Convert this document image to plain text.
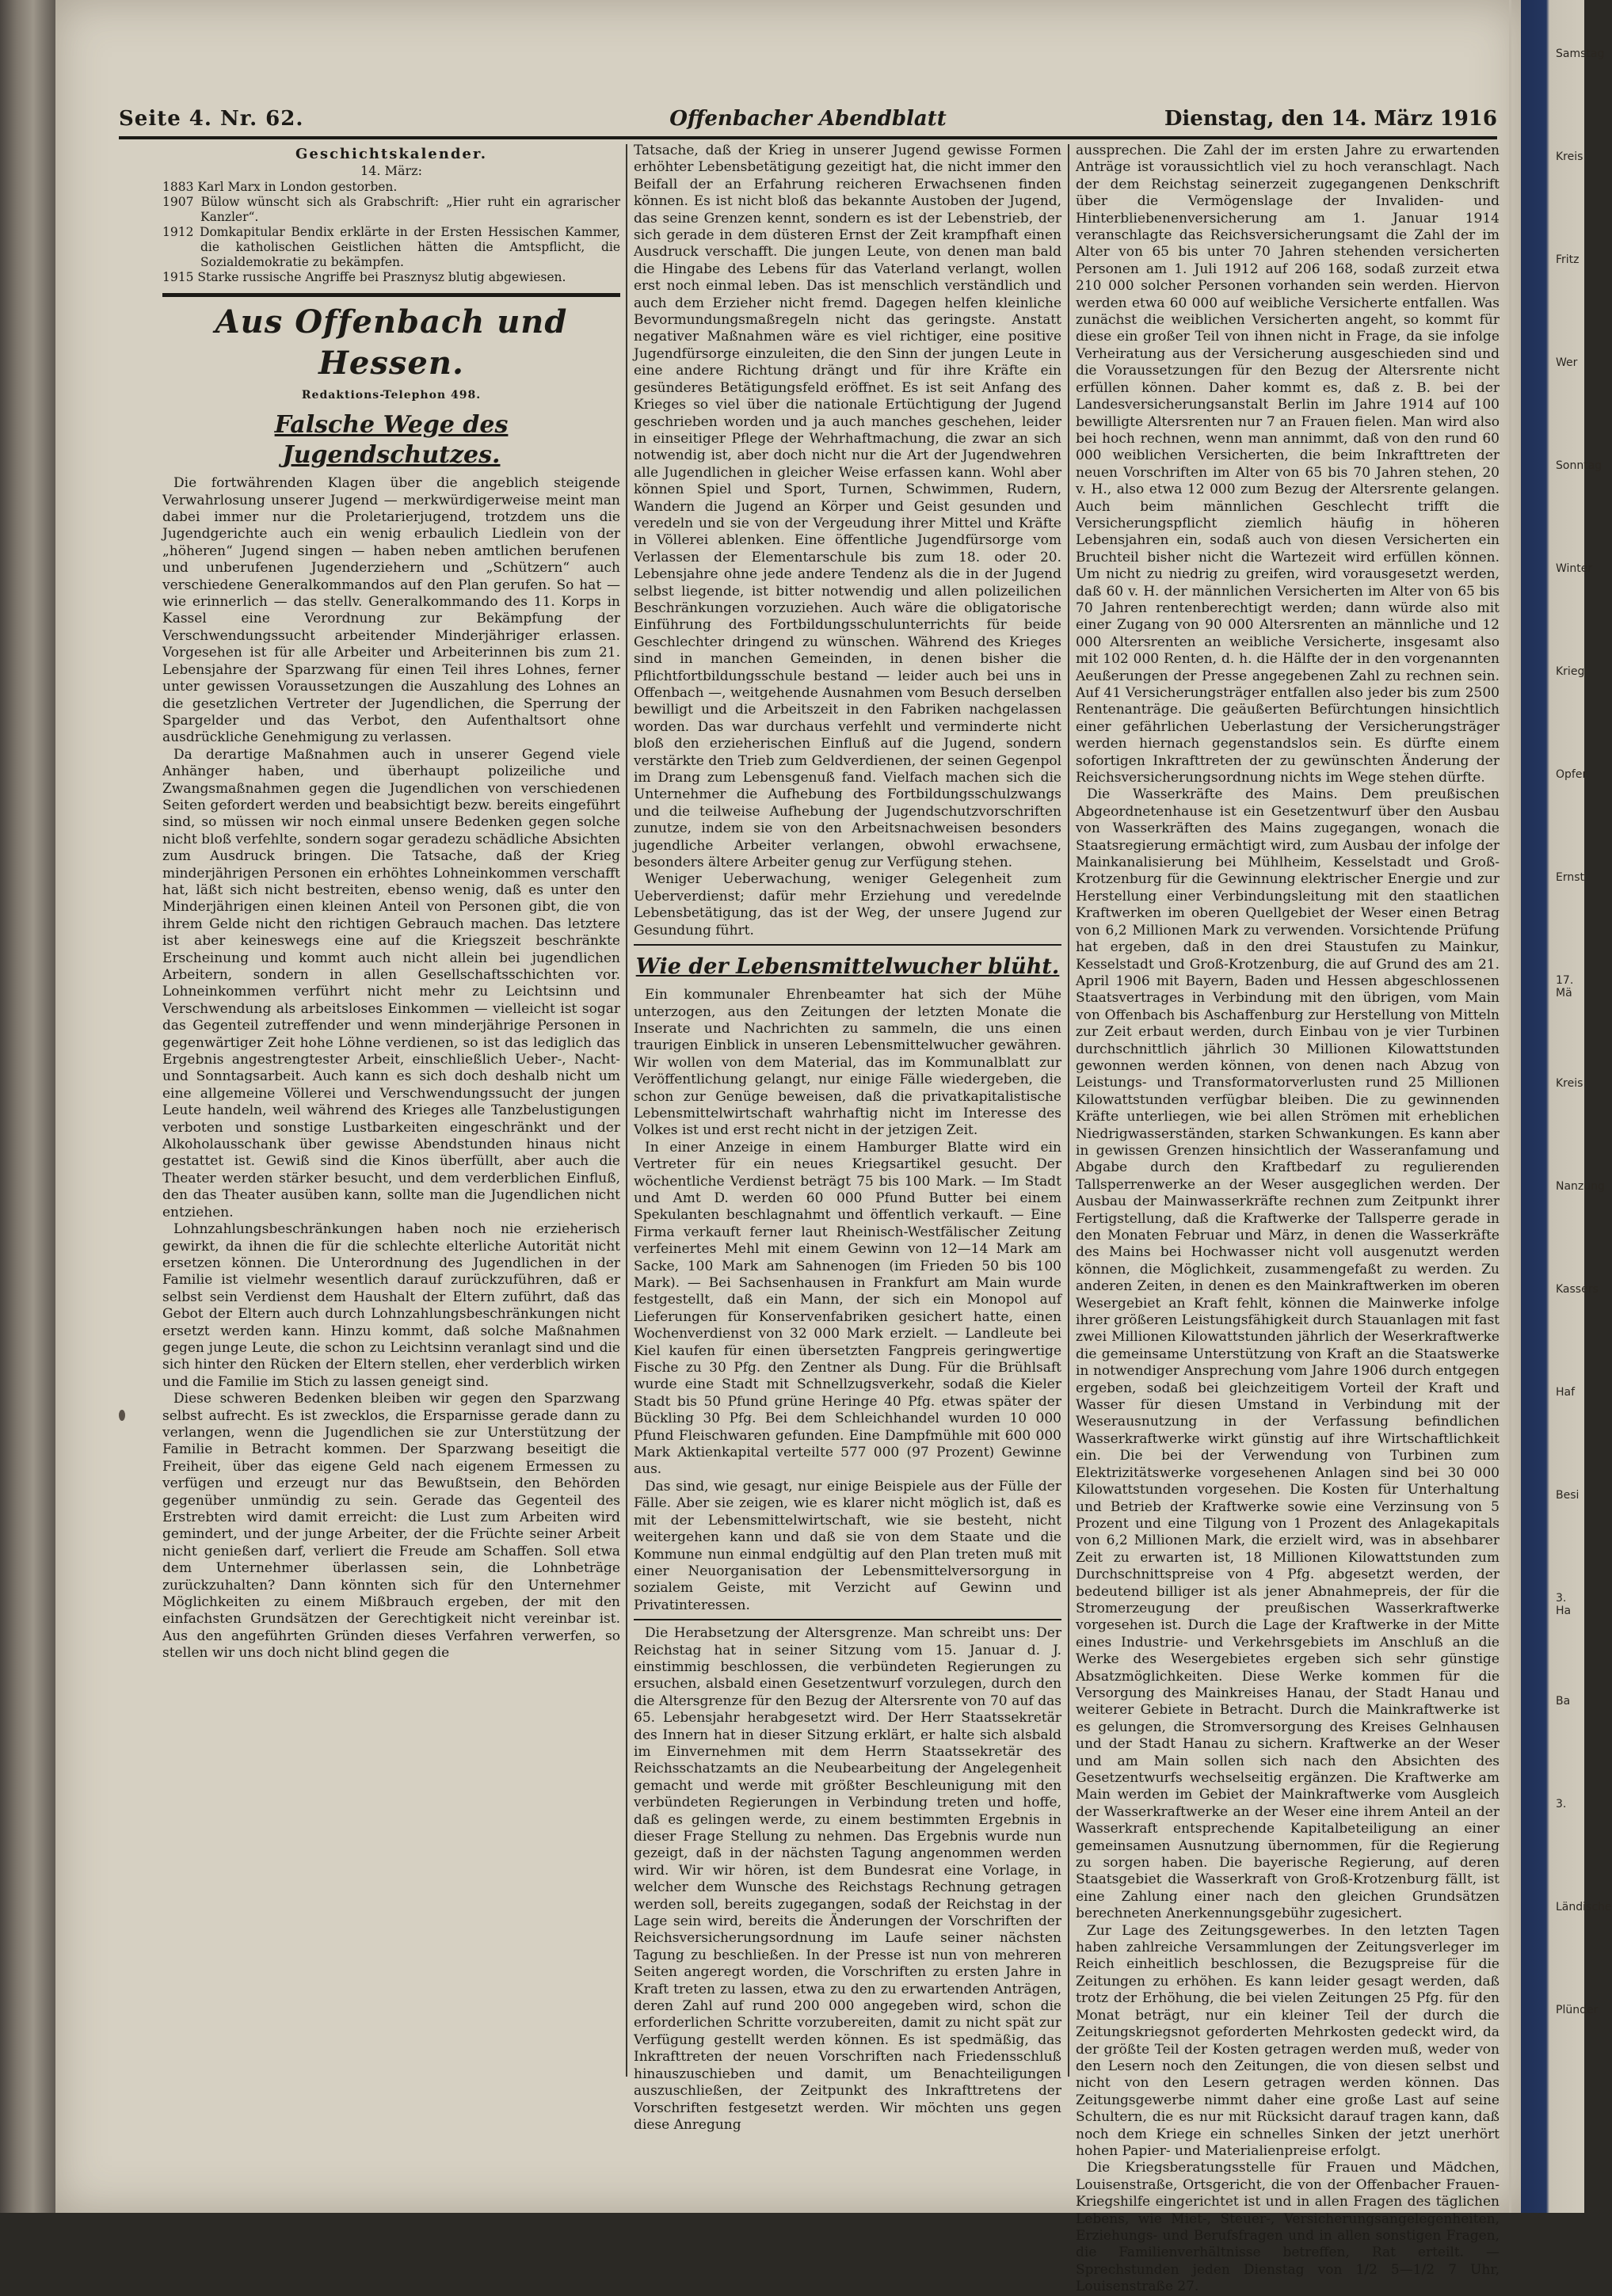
Samstag
Kreis
Fritz
Wer
Sonntag
Winter
Krieg
Opfer
Ernst
17. Mä
Kreis
Nanzung
Kassers
Haf
Besi
3. Ha
Ba
3.
Ländische
Plünder
Seite 4. Nr. 62.	Offenbacher Abendblatt	Dienstag, den 14. März 1916

Geschichtskalender.

14. März:

1883 Karl Marx in London gestorben.

1907 Bülow wünscht sich als Grabschrift: „Hier ruht ein agrarischer Kanzler“.

1912 Domkapitular Bendix erklärte in der Ersten Hessischen Kammer, die katholischen Geistlichen hätten die Amtspflicht, die Sozialdemokratie zu bekämpfen.

1915 Starke russische Angriffe bei Prasznysz blutig abgewiesen.

Aus Offenbach und Hessen.
Redaktions-Telephon 498.
Falsche Wege des Jugendschutzes.

Die fortwährenden Klagen über die angeblich steigende Verwahrlosung unserer Jugend — merkwürdigerweise meint man dabei immer nur die Proletarierjugend, trotzdem uns die Jugendgerichte auch ein wenig erbaulich Liedlein von der „höheren“ Jugend singen — haben neben amtlichen berufenen und unberufenen Jugenderziehern und „Schützern“ auch verschiedene Generalkommandos auf den Plan gerufen. So hat — wie erinnerlich — das stellv. Generalkommando des 11. Korps in Kassel eine Verordnung zur Bekämpfung der Verschwendungssucht arbeitender Minderjähriger erlassen. Vorgesehen ist für alle Arbeiter und Arbeiterinnen bis zum 21. Lebensjahre der Sparzwang für einen Teil ihres Lohnes, ferner unter gewissen Voraussetzungen die Auszahlung des Lohnes an die gesetzlichen Vertreter der Jugendlichen, die Sperrung der Spargelder und das Verbot, den Aufenthaltsort ohne ausdrückliche Genehmigung zu verlassen.

Da derartige Maßnahmen auch in unserer Gegend viele Anhänger haben, und überhaupt polizeiliche und Zwangsmaßnahmen gegen die Jugendlichen von verschiedenen Seiten gefordert werden und beabsichtigt bezw. bereits eingeführt sind, so müssen wir noch einmal unsere Bedenken gegen solche nicht bloß verfehlte, sondern sogar geradezu schädliche Absichten zum Ausdruck bringen. Die Tatsache, daß der Krieg minderjährigen Personen ein erhöhtes Lohneinkommen verschafft hat, läßt sich nicht bestreiten, ebenso wenig, daß es unter den Minderjährigen einen kleinen Anteil von Personen gibt, die von ihrem Gelde nicht den richtigen Gebrauch machen. Das letztere ist aber keineswegs eine auf die Kriegszeit beschränkte Erscheinung und kommt auch nicht allein bei jugendlichen Arbeitern, sondern in allen Gesellschaftsschichten vor. Lohneinkommen verführt nicht mehr zu Leichtsinn und Verschwendung als arbeitsloses Einkommen — vielleicht ist sogar das Gegenteil zutreffender und wenn minderjährige Personen in gegenwärtiger Zeit hohe Löhne verdienen, so ist das lediglich das Ergebnis angestrengtester Arbeit, einschließlich Ueber-, Nacht- und Sonntagsarbeit. Auch kann es sich doch deshalb nicht um eine allgemeine Völlerei und Verschwendungssucht der jungen Leute handeln, weil während des Krieges alle Tanzbelustigungen verboten und sonstige Lustbarkeiten eingeschränkt und der Alkoholausschank über gewisse Abendstunden hinaus nicht gestattet ist. Gewiß sind die Kinos überfüllt, aber auch die Theater werden stärker besucht, und dem verderblichen Einfluß, den das Theater ausüben kann, sollte man die Jugendlichen nicht entziehen.

Lohnzahlungsbeschränkungen haben noch nie erzieherisch gewirkt, da ihnen die für die schlechte elterliche Autorität nicht ersetzen können. Die Unterordnung des Jugendlichen in der Familie ist vielmehr wesentlich darauf zurückzuführen, daß er selbst sein Verdienst dem Haushalt der Eltern zuführt, daß das Gebot der Eltern auch durch Lohnzahlungsbeschränkungen nicht ersetzt werden kann. Hinzu kommt, daß solche Maßnahmen gegen junge Leute, die schon zu Leichtsinn veranlagt sind und die sich hinter den Rücken der Eltern stellen, eher verderblich wirken und die Familie im Stich zu lassen geneigt sind.

Diese schweren Bedenken bleiben wir gegen den Sparzwang selbst aufrecht. Es ist zwecklos, die Ersparnisse gerade dann zu verlangen, wenn die Jugendlichen sie zur Unterstützung der Familie in Betracht kommen. Der Sparzwang beseitigt die Freiheit, über das eigene Geld nach eigenem Ermessen zu verfügen und erzeugt nur das Bewußtsein, den Behörden gegenüber unmündig zu sein. Gerade das Gegenteil des Erstrebten wird damit erreicht: die Lust zum Arbeiten wird gemindert, und der junge Arbeiter, der die Früchte seiner Arbeit nicht genießen darf, verliert die Freude am Schaffen. Soll etwa dem Unternehmer überlassen sein, die Lohnbeträge zurückzuhalten? Dann könnten sich für den Unternehmer Möglichkeiten zu einem Mißbrauch ergeben, der mit den einfachsten Grundsätzen der Gerechtigkeit nicht vereinbar ist. Aus den angeführten Gründen dieses Verfahren verwerfen, so stellen wir uns doch nicht blind gegen die

Tatsache, daß der Krieg in unserer Jugend gewisse Formen erhöhter Lebensbetätigung gezeitigt hat, die nicht immer den Beifall der an Erfahrung reicheren Erwachsenen finden können. Es ist nicht bloß das bekannte Austoben der Jugend, das seine Grenzen kennt, sondern es ist der Lebenstrieb, der sich gerade in dem düsteren Ernst der Zeit krampfhaft einen Ausdruck verschafft. Die jungen Leute, von denen man bald die Hingabe des Lebens für das Vaterland verlangt, wollen erst noch einmal leben. Das ist menschlich verständlich und auch dem Erzieher nicht fremd. Dagegen helfen kleinliche Bevormundungsmaßregeln nicht das geringste. Anstatt negativer Maßnahmen wäre es viel richtiger, eine positive Jugendfürsorge einzuleiten, die den Sinn der jungen Leute in eine andere Richtung drängt und für ihre Kräfte ein gesünderes Betätigungsfeld eröffnet. Es ist seit Anfang des Krieges so viel über die nationale Ertüchtigung der Jugend geschrieben worden und ja auch manches geschehen, leider in einseitiger Pflege der Wehrhaftmachung, die zwar an sich notwendig ist, aber doch nicht nur die Art der Jugendwehren alle Jugendlichen in gleicher Weise erfassen kann. Wohl aber können Spiel und Sport, Turnen, Schwimmen, Rudern, Wandern die Jugend an Körper und Geist gesunden und veredeln und sie von der Vergeudung ihrer Mittel und Kräfte in Völlerei ablenken. Eine öffentliche Jugendfürsorge vom Verlassen der Elementarschule bis zum 18. oder 20. Lebensjahre ohne jede andere Tendenz als die in der Jugend selbst liegende, ist bitter notwendig und allen polizeilichen Beschränkungen vorzuziehen. Auch wäre die obligatorische Einführung des Fortbildungsschulunterrichts für beide Geschlechter dringend zu wünschen. Während des Krieges sind in manchen Gemeinden, in denen bisher die Pflichtfortbildungsschule bestand — leider auch bei uns in Offenbach —, weitgehende Ausnahmen vom Besuch derselben bewilligt und die Arbeitszeit in den Fabriken nachgelassen worden. Das war durchaus verfehlt und verminderte nicht bloß den erzieherischen Einfluß auf die Jugend, sondern verstärkte den Trieb zum Geldverdienen, der seinen Gegenpol im Drang zum Lebensgenuß fand. Vielfach machen sich die Unternehmer die Aufhebung des Fortbildungsschulzwangs und die teilweise Aufhebung der Jugendschutzvorschriften zunutze, indem sie von den Arbeitsnachweisen besonders jugendliche Arbeiter verlangen, obwohl erwachsene, besonders ältere Arbeiter genug zur Verfügung stehen.

Weniger Ueberwachung, weniger Gelegenheit zum Ueberverdienst; dafür mehr Erziehung und veredelnde Lebensbetätigung, das ist der Weg, der unsere Jugend zur Gesundung führt.

Wie der Lebensmittelwucher blüht.

Ein kommunaler Ehrenbeamter hat sich der Mühe unterzogen, aus den Zeitungen der letzten Monate die Inserate und Nachrichten zu sammeln, die uns einen traurigen Einblick in unseren Lebensmittelwucher gewähren. Wir wollen von dem Material, das im Kommunalblatt zur Veröffentlichung gelangt, nur einige Fälle wiedergeben, die schon zur Genüge beweisen, daß die privatkapitalistische Lebensmittelwirtschaft wahrhaftig nicht im Interesse des Volkes ist und erst recht nicht in der jetzigen Zeit.

In einer Anzeige in einem Hamburger Blatte wird ein Vertreter für ein neues Kriegsartikel gesucht. Der wöchentliche Verdienst beträgt 75 bis 100 Mark. — Im Stadt und Amt D. werden 60 000 Pfund Butter bei einem Spekulanten beschlagnahmt und öffentlich verkauft. — Eine Firma verkauft ferner laut Rheinisch-Westfälischer Zeitung verfeinertes Mehl mit einem Gewinn von 12—14 Mark am Sacke, 100 Mark am Sahnenogen (im Frieden 50 bis 100 Mark). — Bei Sachsenhausen in Frankfurt am Main wurde festgestellt, daß ein Mann, der sich ein Monopol auf Lieferungen für Konservenfabriken gesichert hatte, einen Wochenverdienst von 32 000 Mark erzielt. — Landleute bei Kiel kaufen für einen übersetzten Fangpreis geringwertige Fische zu 30 Pfg. den Zentner als Dung. Für die Brühlsaft wurde eine Stadt mit Schnellzugsverkehr, sodaß die Kieler Stadt bis 50 Pfund grüne Heringe 40 Pfg. etwas später der Bückling 30 Pfg. Bei dem Schleichhandel wurden 10 000 Pfund Fleischwaren gefunden. Eine Dampfmühle mit 600 000 Mark Aktienkapital verteilte 577 000 (97 Prozent) Gewinne aus.

Das sind, wie gesagt, nur einige Beispiele aus der Fülle der Fälle. Aber sie zeigen, wie es klarer nicht möglich ist, daß es mit der Lebensmittelwirtschaft, wie sie besteht, nicht weitergehen kann und daß sie von dem Staate und die Kommune nun einmal endgültig auf den Plan treten muß mit einer Neuorganisation der Lebensmittelversorgung in sozialem Geiste, mit Verzicht auf Gewinn und Privatinteressen.

Die Herabsetzung der Altersgrenze. Man schreibt uns: Der Reichstag hat in seiner Sitzung vom 15. Januar d. J. einstimmig beschlossen, die verbündeten Regierungen zu ersuchen, alsbald einen Gesetzentwurf vorzulegen, durch den die Altersgrenze für den Bezug der Altersrente von 70 auf das 65. Lebensjahr herabgesetzt wird. Der Herr Staatssekretär des Innern hat in dieser Sitzung erklärt, er halte sich alsbald im Einvernehmen mit dem Herrn Staatssekretär des Reichsschatzamts an die Neubearbeitung der Angelegenheit gemacht und werde mit größter Beschleunigung mit den verbündeten Regierungen in Verbindung treten und hoffe, daß es gelingen werde, zu einem bestimmten Ergebnis in dieser Frage Stellung zu nehmen. Das Ergebnis wurde nun gezeigt, daß in der nächsten Tagung angenommen werden wird. Wir wir hören, ist dem Bundesrat eine Vorlage, in welcher dem Wunsche des Reichstags Rechnung getragen werden soll, bereits zugegangen, sodaß der Reichstag in der Lage sein wird, bereits die Änderungen der Vorschriften der Reichsversicherungsordnung im Laufe seiner nächsten Tagung zu beschließen. In der Presse ist nun von mehreren Seiten angeregt worden, die Vorschriften zu ersten Jahre in Kraft treten zu lassen, etwa zu den zu erwartenden Anträgen, deren Zahl auf rund 200 000 angegeben wird, schon die erforderlichen Schritte vorzubereiten, damit zu nicht spät zur Verfügung gestellt werden können. Es ist spedmäßig, das Inkrafttreten der neuen Vorschriften nach Friedensschluß hinauszuschieben und damit, um Benachteiligungen auszuschließen, der Zeitpunkt des Inkrafttretens der Vorschriften festgesetzt werden. Wir möchten uns gegen diese Anregung

aussprechen. Die Zahl der im ersten Jahre zu erwartenden Anträge ist voraussichtlich viel zu hoch veranschlagt. Nach der dem Reichstag seinerzeit zugegangenen Denkschrift über die Vermögenslage der Invaliden- und Hinterbliebenenversicherung am 1. Januar 1914 veranschlagte das Reichsversicherungsamt die Zahl der im Alter von 65 bis unter 70 Jahren stehenden versicherten Personen am 1. Juli 1912 auf 206 168, sodaß zurzeit etwa 210 000 solcher Personen vorhanden sein werden. Hiervon werden etwa 60 000 auf weibliche Versicherte entfallen. Was zunächst die weiblichen Versicherten angeht, so kommt für diese ein großer Teil von ihnen nicht in Frage, da sie infolge Verheiratung aus der Versicherung ausgeschieden sind und die Voraussetzungen für den Bezug der Altersrente nicht erfüllen können. Daher kommt es, daß z. B. bei der Landesversicherungsanstalt Berlin im Jahre 1914 auf 100 bewilligte Altersrenten nur 7 an Frauen fielen. Man wird also bei hoch rechnen, wenn man annimmt, daß von den rund 60 000 weiblichen Versicherten, die beim Inkrafttreten der neuen Vorschriften im Alter von 65 bis 70 Jahren stehen, 20 v. H., also etwa 12 000 zum Bezug der Altersrente gelangen. Auch beim männlichen Geschlecht trifft die Versicherungspflicht ziemlich häufig in höheren Lebensjahren ein, sodaß auch von diesen Versicherten ein Bruchteil bisher nicht die Wartezeit wird erfüllen können. Um nicht zu niedrig zu greifen, wird vorausgesetzt werden, daß 60 v. H. der männlichen Versicherten im Alter von 65 bis 70 Jahren rentenberechtigt werden; dann würde also mit einer Zugang von 90 000 Altersrenten an männliche und 12 000 Altersrenten an weibliche Versicherte, insgesamt also mit 102 000 Renten, d. h. die Hälfte der in den vorgenannten Aeußerungen der Presse angegebenen Zahl zu rechnen sein. Auf 41 Versicherungsträger entfallen also jeder bis zum 2500 Rentenanträge. Die geäußerten Befürchtungen hinsichtlich einer gefährlichen Ueberlastung der Versicherungsträger werden hiernach gegenstandslos sein. Es dürfte einem sofortigen Inkrafttreten der zu gewünschten Änderung der Reichsversicherungsordnung nichts im Wege stehen dürfte.

Die Wasserkräfte des Mains. Dem preußischen Abgeordnetenhause ist ein Gesetzentwurf über den Ausbau von Wasserkräften des Mains zugegangen, wonach die Staatsregierung ermächtigt wird, zum Ausbau der infolge der Mainkanalisierung bei Mühlheim, Kesselstadt und Groß-Krotzenburg für die Gewinnung elektrischer Energie und zur Herstellung einer Verbindungsleitung mit den staatlichen Kraftwerken im oberen Quellgebiet der Weser einen Betrag von 6,2 Millionen Mark zu verwenden. Vorsichtende Prüfung hat ergeben, daß in den drei Staustufen zu Mainkur, Kesselstadt und Groß-Krotzenburg, die auf Grund des am 21. April 1906 mit Bayern, Baden und Hessen abgeschlossenen Staatsvertrages in Verbindung mit den übrigen, vom Main von Offenbach bis Aschaffenburg zur Herstellung von Mitteln zur Zeit erbaut werden, durch Einbau von je vier Turbinen durchschnittlich jährlich 30 Millionen Kilowattstunden gewonnen werden können, von denen nach Abzug von Leistungs- und Transformatorverlusten rund 25 Millionen Kilowattstunden verfügbar bleiben. Die zu gewinnenden Kräfte unterliegen, wie bei allen Strömen mit erheblichen Niedrigwasserständen, starken Schwankungen. Es kann aber in gewissen Grenzen hinsichtlich der Wasseranfamung und Abgabe durch den Kraftbedarf zu regulierenden Tallsperrenwerke an der Weser ausgeglichen werden. Der Ausbau der Mainwasserkräfte rechnen zum Zeitpunkt ihrer Fertigstellung, daß die Kraftwerke der Tallsperre gerade in den Monaten Februar und März, in denen die Wasserkräfte des Mains bei Hochwasser nicht voll ausgenutzt werden können, die Möglichkeit, zusammengefaßt zu werden. Zu anderen Zeiten, in denen es den Mainkraftwerken im oberen Wesergebiet an Kraft fehlt, können die Mainwerke infolge ihrer größeren Leistungsfähigkeit durch Stauanlagen mit fast zwei Millionen Kilowattstunden jährlich der Weserkraftwerke die gemeinsame Unterstützung von Kraft an die Staatswerke in notwendiger Ansprechung vom Jahre 1906 durch entgegen ergeben, sodaß bei gleichzeitigem Vorteil der Kraft und Wasser für diesen Umstand in Verbindung mit der Weserausnutzung in der Verfassung befindlichen Wasserkraftwerke wirkt günstig auf ihre Wirtschaftlichkeit ein. Die bei der Verwendung von Turbinen zum Elektrizitätswerke vorgesehenen Anlagen sind bei 30 000 Kilowattstunden vorgesehen. Die Kosten für Unterhaltung und Betrieb der Kraftwerke sowie eine Verzinsung von 5 Prozent und eine Tilgung von 1 Prozent des Anlagekapitals von 6,2 Millionen Mark, die erzielt wird, was in absehbarer Zeit zu erwarten ist, 18 Millionen Kilowattstunden zum Durchschnittspreise von 4 Pfg. abgesetzt werden, der bedeutend billiger ist als jener Abnahmepreis, der für die Stromerzeugung der preußischen Wasserkraftwerke vorgesehen ist. Durch die Lage der Kraftwerke in der Mitte eines Industrie- und Verkehrsgebiets im Anschluß an die Werke des Wesergebietes ergeben sich sehr günstige Absatzmöglichkeiten. Diese Werke kommen für die Versorgung des Mainkreises Hanau, der Stadt Hanau und weiterer Gebiete in Betracht. Durch die Mainkraftwerke ist es gelungen, die Stromversorgung des Kreises Gelnhausen und der Stadt Hanau zu sichern. Kraftwerke an der Weser und am Main sollen sich nach den Absichten des Gesetzentwurfs wechselseitig ergänzen. Die Kraftwerke am Main werden im Gebiet der Mainkraftwerke vom Ausgleich der Wasserkraftwerke an der Weser eine ihrem Anteil an der Wasserkraft entsprechende Kapitalbeteiligung an einer gemeinsamen Ausnutzung übernommen, für die Regierung zu sorgen haben. Die bayerische Regierung, auf deren Staatsgebiet die Wasserkraft von Groß-Krotzenburg fällt, ist eine Zahlung einer nach den gleichen Grundsätzen berechneten Anerkennungsgebühr zugesichert.

Zur Lage des Zeitungsgewerbes. In den letzten Tagen haben zahlreiche Versammlungen der Zeitungsverleger im Reich einheitlich beschlossen, die Bezugspreise für die Zeitungen zu erhöhen. Es kann leider gesagt werden, daß trotz der Erhöhung, die bei vielen Zeitungen 25 Pfg. für den Monat beträgt, nur ein kleiner Teil der durch die Zeitungskriegsnot geforderten Mehrkosten gedeckt wird, da der größte Teil der Kosten getragen werden muß, weder von den Lesern noch den Zeitungen, die von diesen selbst und nicht von den Lesern getragen werden können. Das Zeitungsgewerbe nimmt daher eine große Last auf seine Schultern, die es nur mit Rücksicht darauf tragen kann, daß noch dem Kriege ein schnelles Sinken der jetzt unerhört hohen Papier- und Materialienpreise erfolgt.

Die Kriegsberatungsstelle für Frauen und Mädchen, Louisenstraße, Ortsgericht, die von der Offenbacher Frauen-Kriegshilfe eingerichtet ist und in allen Fragen des täglichen Lebens, wie Miet-, Steuer-, Versicherungsangelegenheiten, Erziehungs- und Berufsfragen und in allen sonstigen Fragen, die Familienverhältnisse betreffen, Rat erteilt. — Sprechstunden jeden Dienstag von 1/2 5—1/2 7 Uhr, Louisenstraße 27.
